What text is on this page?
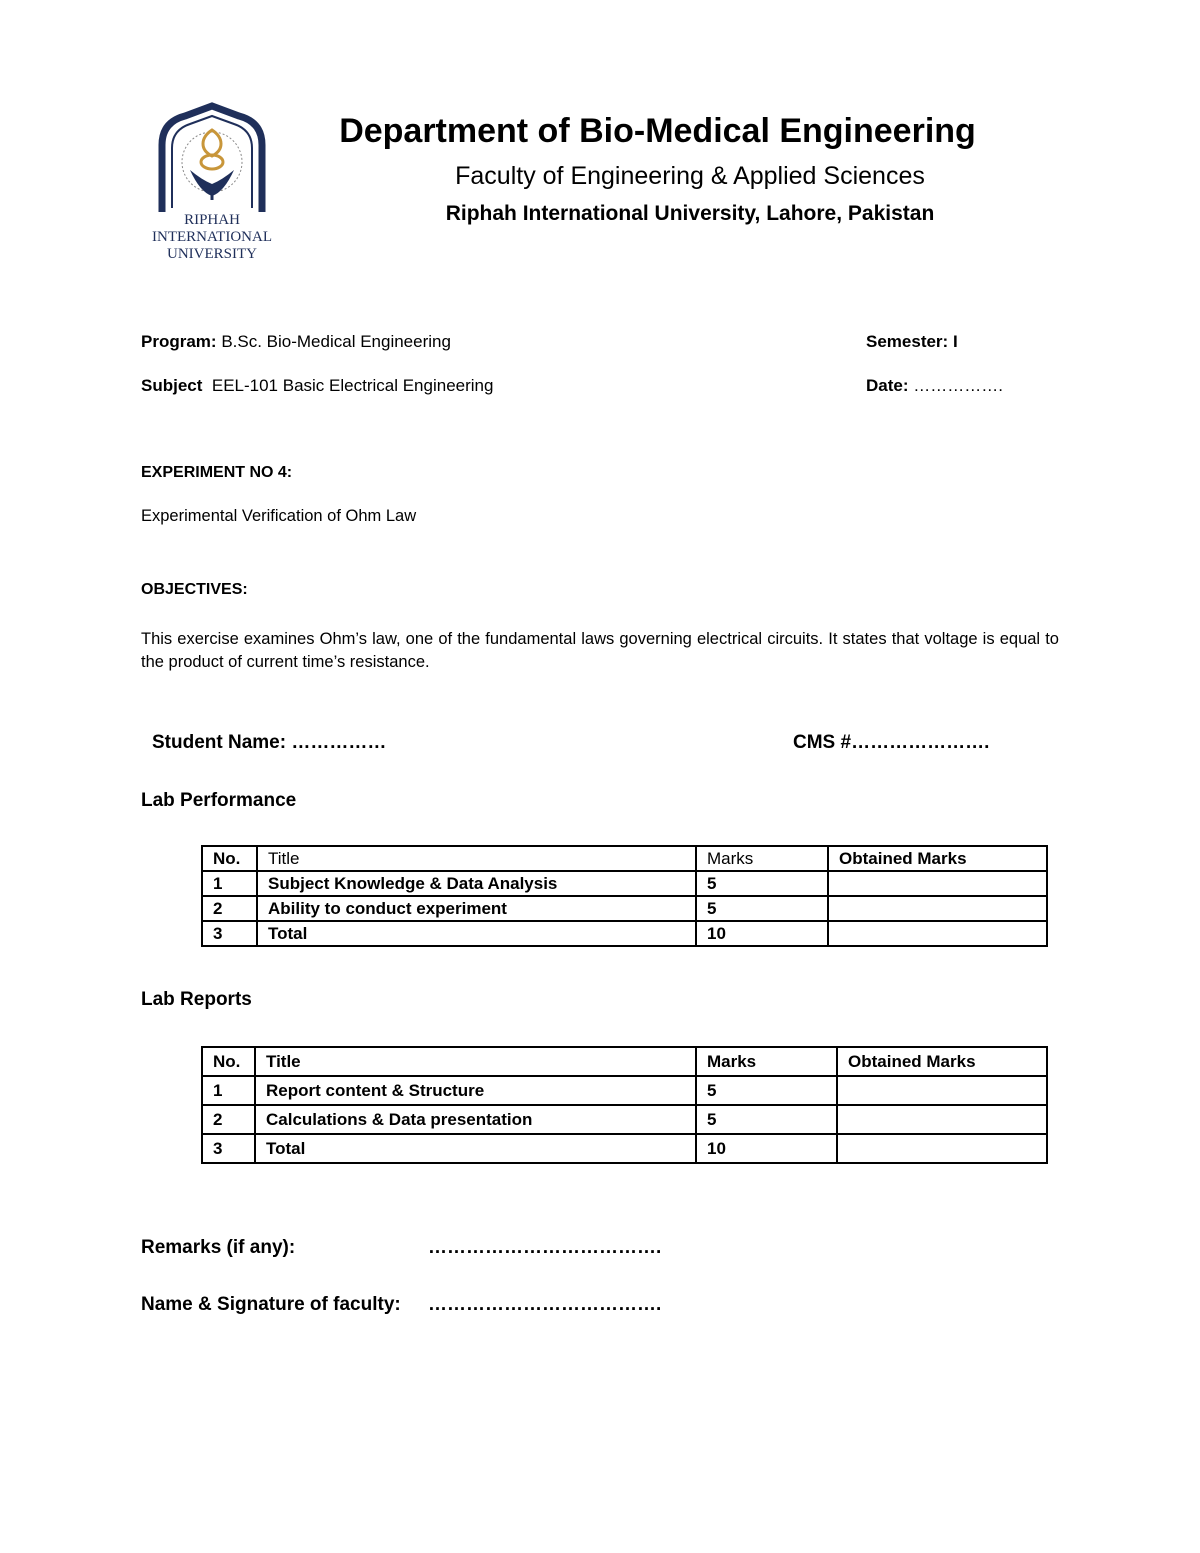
RIPHAH INTERNATIONAL UNIVERSITY
Department of Bio-Medical Engineering
Faculty of Engineering & Applied Sciences
Riphah International University, Lahore, Pakistan
Program: B.Sc. Bio-Medical Engineering	Semester: I
Subject EEL-101 Basic Electrical Engineering	Date: …………….
EXPERIMENT NO 4:
Experimental Verification of Ohm Law
OBJECTIVES:
This exercise examines Ohm’s law, one of the fundamental laws governing electrical circuits. It states that voltage is equal to the product of current time’s resistance.
Student Name: ……………	CMS #………………….
Lab Performance
No.	Title	Marks	Obtained Marks
1	Subject Knowledge & Data Analysis	5	
2	Ability to conduct experiment	5	
3	Total	10	
Lab Reports
No.	Title	Marks	Obtained Marks
1	Report content & Structure	5	
2	Calculations & Data presentation	5	
3	Total	10	
Remarks (if any):	……………………………….
Name & Signature of faculty: ……………………………….
